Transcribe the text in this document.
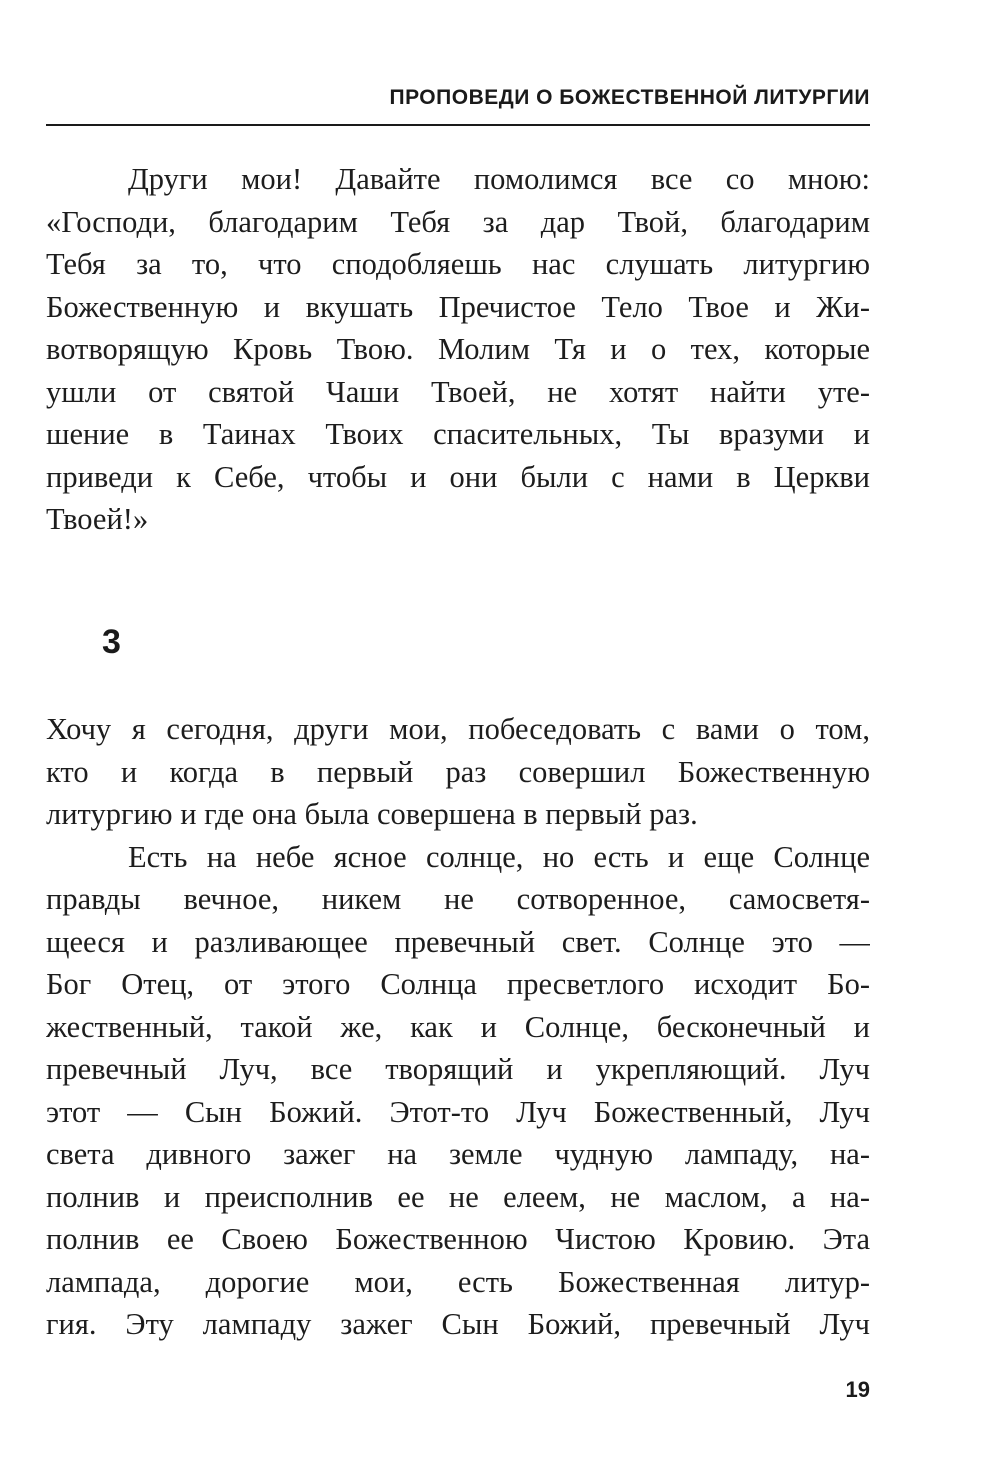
ПРОПОВЕДИ О БОЖЕСТВЕННОЙ ЛИТУРГИИ
Други мои! Давайте помолимся все со мною:
«Господи, благодарим Тебя за дар Твой, благодарим
Тебя за то, что сподобляешь нас слушать литургию
Божественную и вкушать Пречистое Тело Твое и Жи-
вотворящую Кровь Твою. Молим Тя и о тех, которые
ушли от святой Чаши Твоей, не хотят найти уте-
шение в Таинах Твоих спасительных, Ты вразуми и
приведи к Себе, чтобы и они были с нами в Церкви
Твоей!»
3
Хочу я сегодня, други мои, побеседовать с вами о том,
кто и когда в первый раз совершил Божественную
литургию и где она была совершена в первый раз.
Есть на небе ясное солнце, но есть и еще Солнце
правды вечное, никем не сотворенное, самосветя-
щееся и разливающее превечный свет. Солнце это —
Бог Отец, от этого Солнца пресветлого исходит Бо-
жественный, такой же, как и Солнце, бесконечный и
превечный Луч, все творящий и укрепляющий. Луч
этот — Сын Божий. Этот-то Луч Божественный, Луч
света дивного зажег на земле чудную лампаду, на-
полнив и преисполнив ее не елеем, не маслом, а на-
полнив ее Своею Божественною Чистою Кровию. Эта
лампада, дорогие мои, есть Божественная литур-
гия. Эту лампаду зажег Сын Божий, превечный Луч
19
